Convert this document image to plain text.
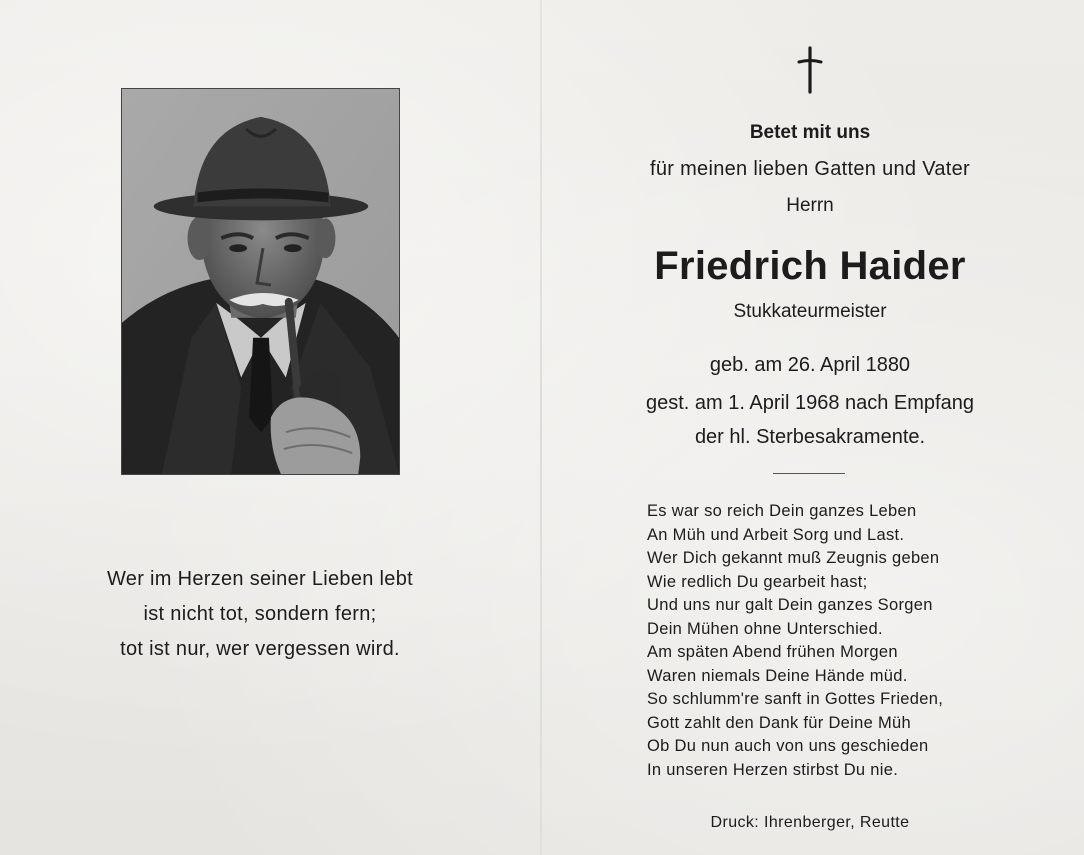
Wer im Herzen seiner Lieben lebt
ist nicht tot, sondern fern;
tot ist nur, wer vergessen wird.
Betet mit uns
für meinen lieben Gatten und Vater
Herrn
Friedrich Haider
Stukkateurmeister
geb. am 26. April 1880
gest. am 1. April 1968 nach Empfang
der hl. Sterbesakramente.
Es war so reich Dein ganzes Leben
An Müh und Arbeit Sorg und Last.
Wer Dich gekannt muß Zeugnis geben
Wie redlich Du gearbeit hast;
Und uns nur galt Dein ganzes Sorgen
Dein Mühen ohne Unterschied.
Am späten Abend frühen Morgen
Waren niemals Deine Hände müd.
So schlumm're sanft in Gottes Frieden,
Gott zahlt den Dank für Deine Müh
Ob Du nun auch von uns geschieden
In unseren Herzen stirbst Du nie.
Druck: Ihrenberger, Reutte
